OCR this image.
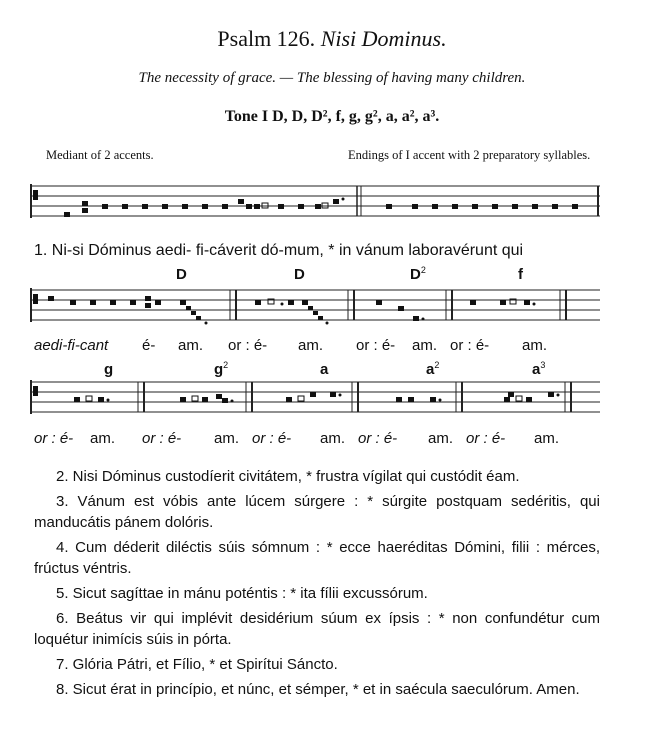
Psalm 126. Nisi Dominus.
The necessity of grace. — The blessing of having many children.
Tone I D, D, D², f, g, g², a, a², a³.
Mediant of 2 accents.	Endings of I accent with 2 preparatory syllables.
1. Ni-si Dóminus aedi- fi-cáverit dó-mum, * in vánum laboravérunt qui
D	D	$D^2$	f
aedi-fi-cant é- am. or : é- am. or : é- am. or : é- am.
g	$g^2$	a	$a^2$	$a^3$
or : é- am. or : é- am. or : é- am. or : é- am. or : é- am.
2. Nisi Dóminus custodíerit civitátem, * frustra vígilat qui custódit éam.
3. Vánum est vóbis ante lúcem súrgere : * súrgite postquam sedéritis, qui manducátis pánem dolóris.
4. Cum déderit diléctis súis sómnum : * ecce haeréditas Dómini, filii : mérces, frúctus véntris.
5. Sicut sagíttae in mánu poténtis : * ita fílii excussórum.
6. Beátus vir qui implévit desidérium súum ex ípsis : * non confundétur cum loquétur inimícis súis in pórta.
7. Glória Pátri, et Fílio, * et Spirítui Sáncto.
8. Sicut érat in princípio, et núnc, et sémper, * et in saécula saeculórum. Amen.
